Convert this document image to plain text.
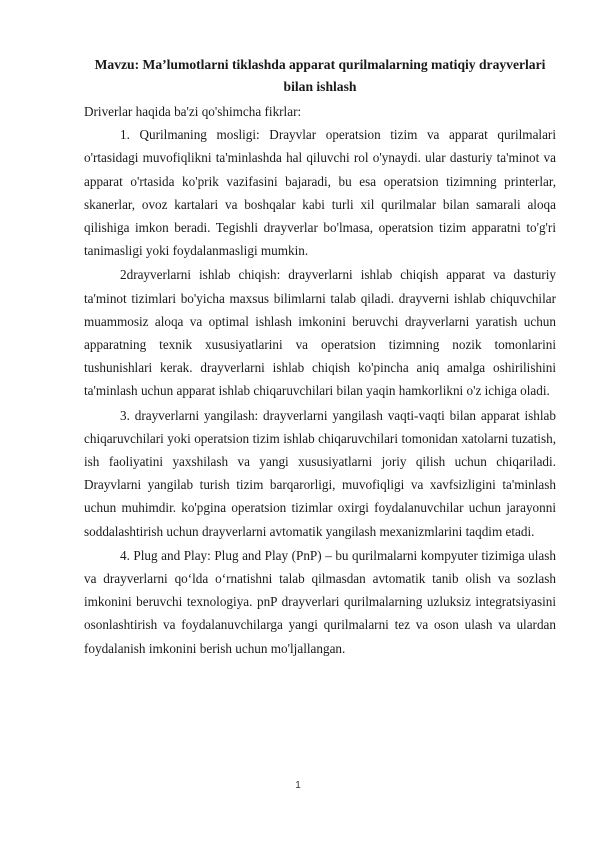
Mavzu: Ma’lumotlarni tiklashda apparat qurilmalarning matiqiy drayverlari bilan ishlash

Driverlar haqida ba'zi qo'shimcha fikrlar:

1. Qurilmaning mosligi: Drayvlar operatsion tizim va apparat qurilmalari o'rtasidagi muvofiqlikni ta'minlashda hal qiluvchi rol o'ynaydi. ular dasturiy ta'minot va apparat o'rtasida ko'prik vazifasini bajaradi, bu esa operatsion tizimning printerlar, skanerlar, ovoz kartalari va boshqalar kabi turli xil qurilmalar bilan samarali aloqa qilishiga imkon beradi. Tegishli drayverlar bo'lmasa, operatsion tizim apparatni to'g'ri tanimasligi yoki foydalanmasligi mumkin.

2drayverlarni ishlab chiqish: drayverlarni ishlab chiqish apparat va dasturiy ta'minot tizimlari bo'yicha maxsus bilimlarni talab qiladi. drayverni ishlab chiquvchilar muammosiz aloqa va optimal ishlash imkonini beruvchi drayverlarni yaratish uchun apparatning texnik xususiyatlarini va operatsion tizimning nozik tomonlarini tushunishlari kerak. drayverlarni ishlab chiqish ko'pincha aniq amalga oshirilishini ta'minlash uchun apparat ishlab chiqaruvchilari bilan yaqin hamkorlikni o'z ichiga oladi.

3. drayverlarni yangilash: drayverlarni yangilash vaqti-vaqti bilan apparat ishlab chiqaruvchilari yoki operatsion tizim ishlab chiqaruvchilari tomonidan xatolarni tuzatish, ish faoliyatini yaxshilash va yangi xususiyatlarni joriy qilish uchun chiqariladi. Drayvlarni yangilab turish tizim barqarorligi, muvofiqligi va xavfsizligini ta'minlash uchun muhimdir. ko'pgina operatsion tizimlar oxirgi foydalanuvchilar uchun jarayonni soddalashtirish uchun drayverlarni avtomatik yangilash mexanizmlarini taqdim etadi.

4. Plug and Play: Plug and Play (PnP) – bu qurilmalarni kompyuter tizimiga ulash va drayverlarni qo‘lda o‘rnatishni talab qilmasdan avtomatik tanib olish va sozlash imkonini beruvchi texnologiya. pnP drayverlari qurilmalarning uzluksiz integratsiyasini osonlashtirish va foydalanuvchilarga yangi qurilmalarni tez va oson ulash va ulardan foydalanish imkonini berish uchun mo'ljallangan.

1
